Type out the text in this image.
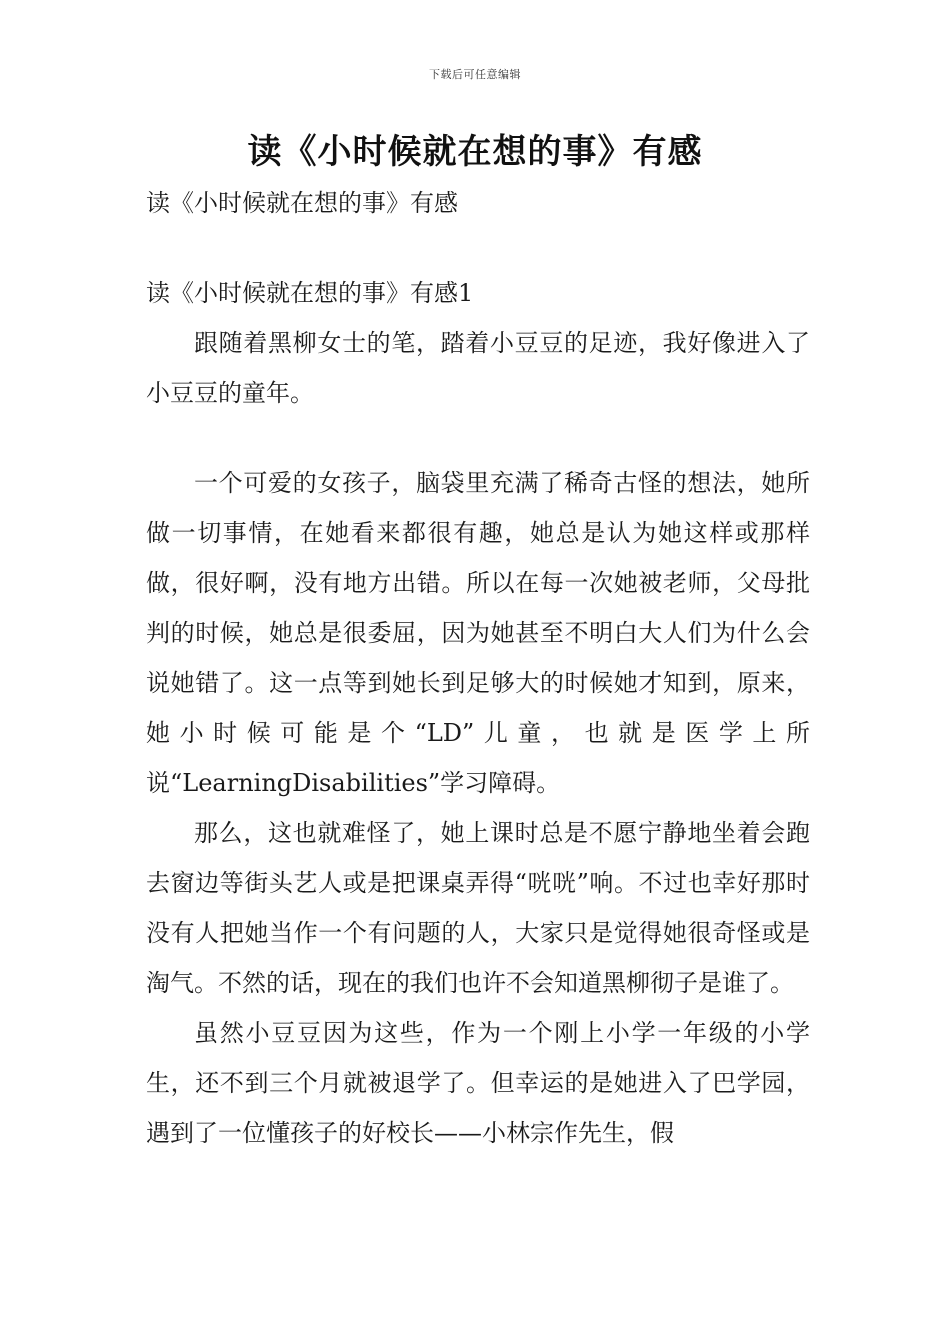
下载后可任意编辑
读《小时候就在想的事》有感

读《小时候就在想的事》有感

读《小时候就在想的事》有感1

跟随着黑柳女士的笔，踏着小豆豆的足迹，我好像进入了小豆豆的童年。

一个可爱的女孩子，脑袋里充满了稀奇古怪的想法，她所做一切事情，在她看来都很有趣，她总是认为她这样或那样做，很好啊，没有地方出错。所以在每一次她被老师，父母批判的时候，她总是很委屈，因为她甚至不明白大人们为什么会说她错了。这一点等到她长到足够大的时候她才知到，原来，她小时候可能是个“LD”儿童，也就是医学上所说“LearningDisabilities”学习障碍。

那么，这也就难怪了，她上课时总是不愿宁静地坐着会跑去窗边等街头艺人或是把课桌弄得“咣咣”响。不过也幸好那时没有人把她当作一个有问题的人，大家只是觉得她很奇怪或是淘气。不然的话，现在的我们也许不会知道黑柳彻子是谁了。

虽然小豆豆因为这些，作为一个刚上小学一年级的小学生，还不到三个月就被退学了。但幸运的是她进入了巴学园，遇到了一位懂孩子的好校长——小林宗作先生，假
